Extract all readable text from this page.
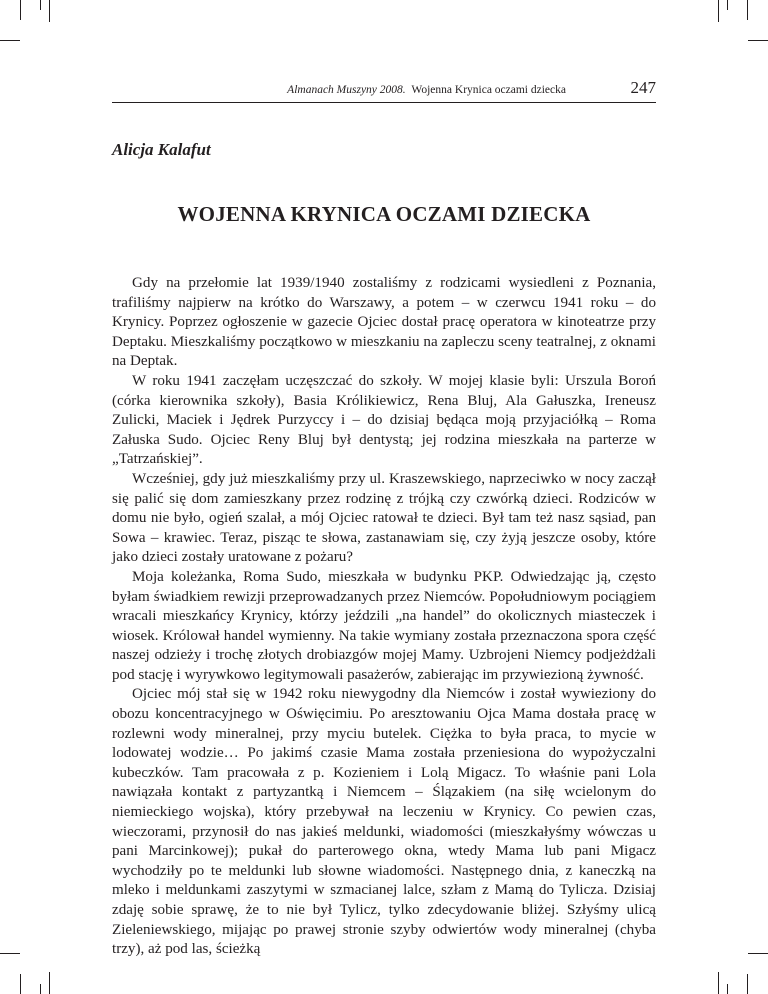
Almanach Muszyny 2008. Wojenna Krynica oczami dziecka	247
Alicja Kalafut
WOJENNA KRYNICA OCZAMI DZIECKA

Gdy na przełomie lat 1939/1940 zostaliśmy z rodzicami wysiedleni z Poznania, trafiliśmy najpierw na krótko do Warszawy, a potem – w czerwcu 1941 roku – do Krynicy. Poprzez ogłoszenie w gazecie Ojciec dostał pracę operatora w kinoteatrze przy Deptaku. Mieszkaliśmy początkowo w mieszkaniu na zapleczu sceny teatralnej, z oknami na Deptak.

W roku 1941 zaczęłam uczęszczać do szkoły. W mojej klasie byli: Urszula Boroń (córka kierownika szkoły), Basia Królikiewicz, Rena Bluj, Ala Gałuszka, Ireneusz Zulicki, Maciek i Jędrek Purzyccy i – do dzisiaj będąca moją przyjaciółką – Roma Załuska Sudo. Ojciec Reny Bluj był dentystą; jej rodzina mieszkała na parterze w „Tatrzańskiej”.

Wcześniej, gdy już mieszkaliśmy przy ul. Kraszewskiego, naprzeciwko w nocy zaczął się palić się dom zamieszkany przez rodzinę z trójką czy czwórką dzieci. Rodziców w domu nie było, ogień szalał, a mój Ojciec ratował te dzieci. Był tam też nasz sąsiad, pan Sowa – krawiec. Teraz, pisząc te słowa, zastanawiam się, czy żyją jeszcze osoby, które jako dzieci zostały uratowane z pożaru?

Moja koleżanka, Roma Sudo, mieszkała w budynku PKP. Odwiedzając ją, często byłam świadkiem rewizji przeprowadzanych przez Niemców. Popołudniowym pociągiem wracali mieszkańcy Krynicy, którzy jeździli „na handel” do okolicznych miasteczek i wiosek. Królował handel wymienny. Na takie wymiany została przeznaczona spora część naszej odzieży i trochę złotych drobiazgów mojej Mamy. Uzbrojeni Niemcy podjeżdżali pod stację i wyrywkowo legitymowali pasażerów, zabierając im przywiezioną żywność.

Ojciec mój stał się w 1942 roku niewygodny dla Niemców i został wywieziony do obozu koncentracyjnego w Oświęcimiu. Po aresztowaniu Ojca Mama dostała pracę w rozlewni wody mineralnej, przy myciu butelek. Ciężka to była praca, to mycie w lodowatej wodzie… Po jakimś czasie Mama została przeniesiona do wypożyczalni kubeczków. Tam pracowała z p. Kozieniem i Lolą Migacz. To właśnie pani Lola nawiązała kontakt z partyzantką i Niemcem – Ślązakiem (na siłę wcielonym do niemieckiego wojska), który przebywał na leczeniu w Krynicy. Co pewien czas, wieczorami, przynosił do nas jakieś meldunki, wiadomości (mieszkałyśmy wówczas u pani Marcinkowej); pukał do parterowego okna, wtedy Mama lub pani Migacz wychodziły po te meldunki lub słowne wiadomości. Następnego dnia, z kaneczką na mleko i meldunkami zaszytymi w szmacianej lalce, szłam z Mamą do Tylicza. Dzisiaj zdaję sobie sprawę, że to nie był Tylicz, tylko zdecydowanie bliżej. Szłyśmy ulicą Zieleniewskiego, mijając po prawej stronie szyby odwiertów wody mineralnej (chyba trzy), aż pod las, ścieżką
